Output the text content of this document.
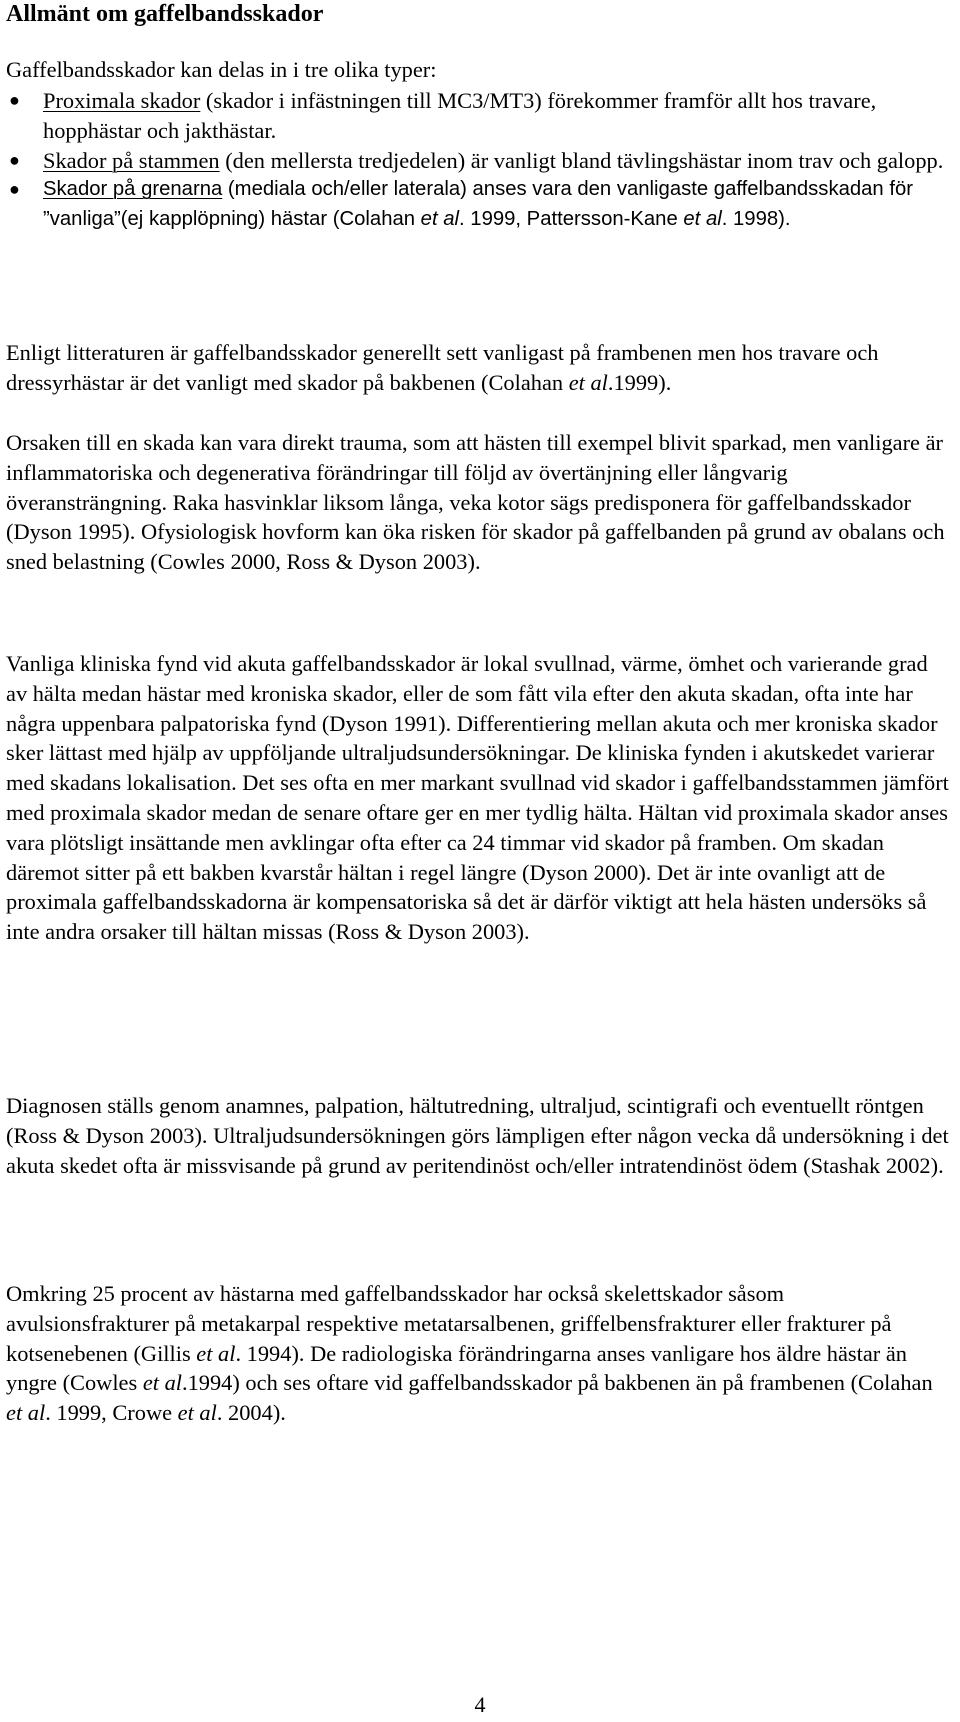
Allmänt om gaffelbandsskador
Gaffelbandsskador kan delas in i tre olika typer:
● Proximala skador (skador i infästningen till MC3/MT3) förekommer framför allt hos travare, hopphästar och jakthästar.
● Skador på stammen (den mellersta tredjedelen) är vanligt bland tävlingshästar inom trav och galopp.
● Skador på grenarna (mediala och/eller laterala) anses vara den vanligaste gaffelbandsskadan för ”vanliga”(ej kapplöpning) hästar (Colahan et al. 1999, Pattersson-Kane et al. 1998).

Enligt litteraturen är gaffelbandsskador generellt sett vanligast på frambenen men hos travare och dressyrhästar är det vanligt med skador på bakbenen (Colahan et al.1999).

Orsaken till en skada kan vara direkt trauma, som att hästen till exempel blivit sparkad, men vanligare är inflammatoriska och degenerativa förändringar till följd av övertänjning eller långvarig överansträngning. Raka hasvinklar liksom långa, veka kotor sägs predisponera för gaffelbandsskador (Dyson 1995). Ofysiologisk hovform kan öka risken för skador på gaffelbanden på grund av obalans och sned belastning (Cowles 2000, Ross & Dyson 2003).

Vanliga kliniska fynd vid akuta gaffelbandsskador är lokal svullnad, värme, ömhet och varierande grad av hälta medan hästar med kroniska skador, eller de som fått vila efter den akuta skadan, ofta inte har några uppenbara palpatoriska fynd (Dyson 1991). Differentiering mellan akuta och mer kroniska skador sker lättast med hjälp av uppföljande ultraljudsundersökningar. De kliniska fynden i akutskedet varierar med skadans lokalisation. Det ses ofta en mer markant svullnad vid skador i gaffelbandsstammen jämfört med proximala skador medan de senare oftare ger en mer tydlig hälta. Hältan vid proximala skador anses vara plötsligt insättande men avklingar ofta efter ca 24 timmar vid skador på framben. Om skadan däremot sitter på ett bakben kvarstår hältan i regel längre (Dyson 2000). Det är inte ovanligt att de proximala gaffelbandsskadorna är kompensatoriska så det är därför viktigt att hela hästen undersöks så inte andra orsaker till hältan missas (Ross & Dyson 2003).

Diagnosen ställs genom anamnes, palpation, hältutredning, ultraljud, scintigrafi och eventuellt röntgen (Ross & Dyson 2003). Ultraljudsundersökningen görs lämpligen efter någon vecka då undersökning i det akuta skedet ofta är missvisande på grund av peritendinöst och/eller intratendinöst ödem (Stashak 2002).

Omkring 25 procent av hästarna med gaffelbandsskador har också skelettskador såsom avulsionsfrakturer på metakarpal respektive metatarsalbenen, griffelbensfrakturer eller frakturer på kotsenebenen (Gillis et al. 1994). De radiologiska förändringarna anses vanligare hos äldre hästar än yngre (Cowles et al.1994) och ses oftare vid gaffelbandsskador på bakbenen än på frambenen (Colahan et al. 1999, Crowe et al. 2004).

4
